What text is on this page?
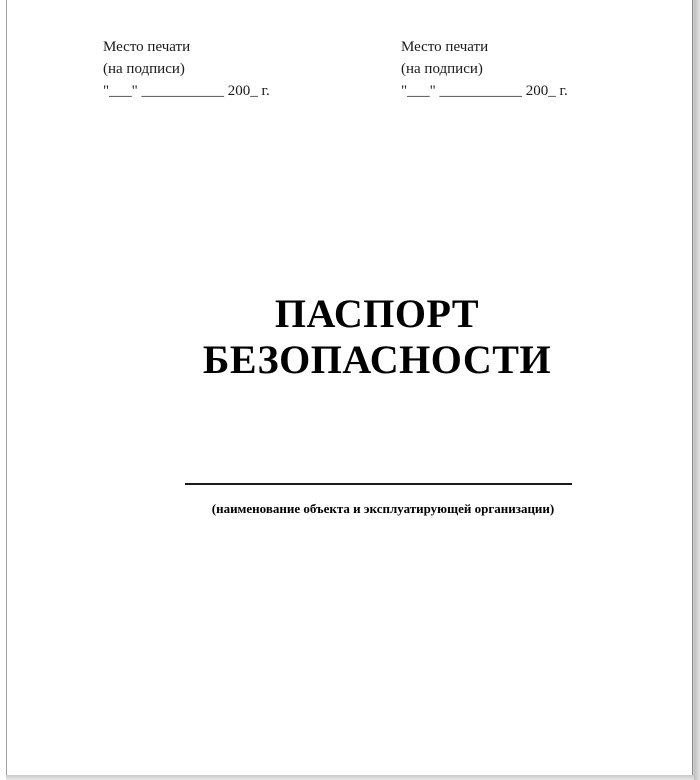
Место печати
(на подписи)
"___" ___________ 200_ г.
Место печати
(на подписи)
"___" ___________ 200_ г.
ПАСПОРТ
БЕЗОПАСНОСТИ
(наименование объекта и эксплуатирующей организации)
